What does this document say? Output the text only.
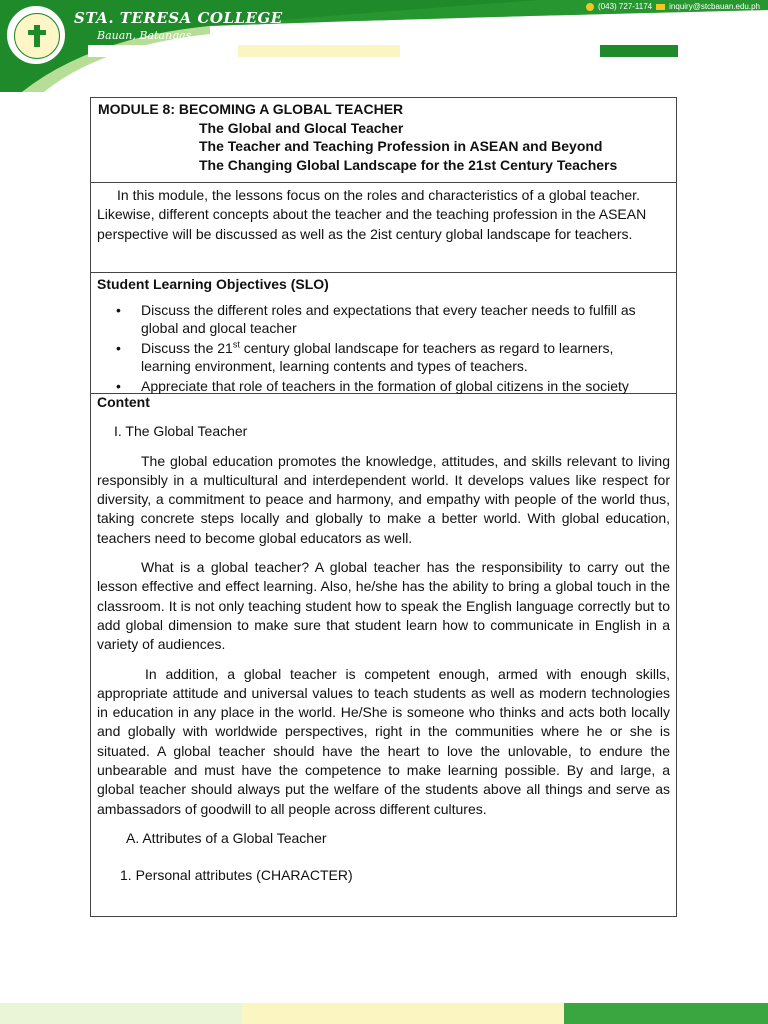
STA. TERESA COLLEGE
Bauan, Batangas
(043) 727-1174 inquiry@stcbauan.edu.ph
MODULE 8: BECOMING A GLOBAL TEACHER
The Global and Glocal Teacher
The Teacher and Teaching Profession in ASEAN and Beyond
The Changing Global Landscape for the 21st Century Teachers

In this module, the lessons focus on the roles and characteristics of a global teacher. Likewise, different concepts about the teacher and the teaching profession in the ASEAN perspective will be discussed as well as the 2ist century global landscape for teachers.

Student Learning Objectives (SLO)
• Discuss the different roles and expectations that every teacher needs to fulfill as global and glocal teacher
• Discuss the 21st century global landscape for teachers as regard to learners, learning environment, learning contents and types of teachers.
• Appreciate that role of teachers in the formation of global citizens in the society
Content

I. The Global Teacher

The global education promotes the knowledge, attitudes, and skills relevant to living responsibly in a multicultural and interdependent world. It develops values like respect for diversity, a commitment to peace and harmony, and empathy with people of the world thus, taking concrete steps locally and globally to make a better world. With global education, teachers need to become global educators as well.

What is a global teacher? A global teacher has the responsibility to carry out the lesson effective and effect learning. Also, he/she has the ability to bring a global touch in the classroom. It is not only teaching student how to speak the English language correctly but to add global dimension to make sure that student learn how to communicate in English in a variety of audiences.

In addition, a global teacher is competent enough, armed with enough skills, appropriate attitude and universal values to teach students as well as modern technologies in education in any place in the world. He/She is someone who thinks and acts both locally and globally with worldwide perspectives, right in the communities where he or she is situated. A global teacher should have the heart to love the unlovable, to endure the unbearable and must have the competence to make learning possible. By and large, a global teacher should always put the welfare of the students above all things and serve as ambassadors of goodwill to all people across different cultures.

A. Attributes of a Global Teacher

1. Personal attributes (CHARACTER)
